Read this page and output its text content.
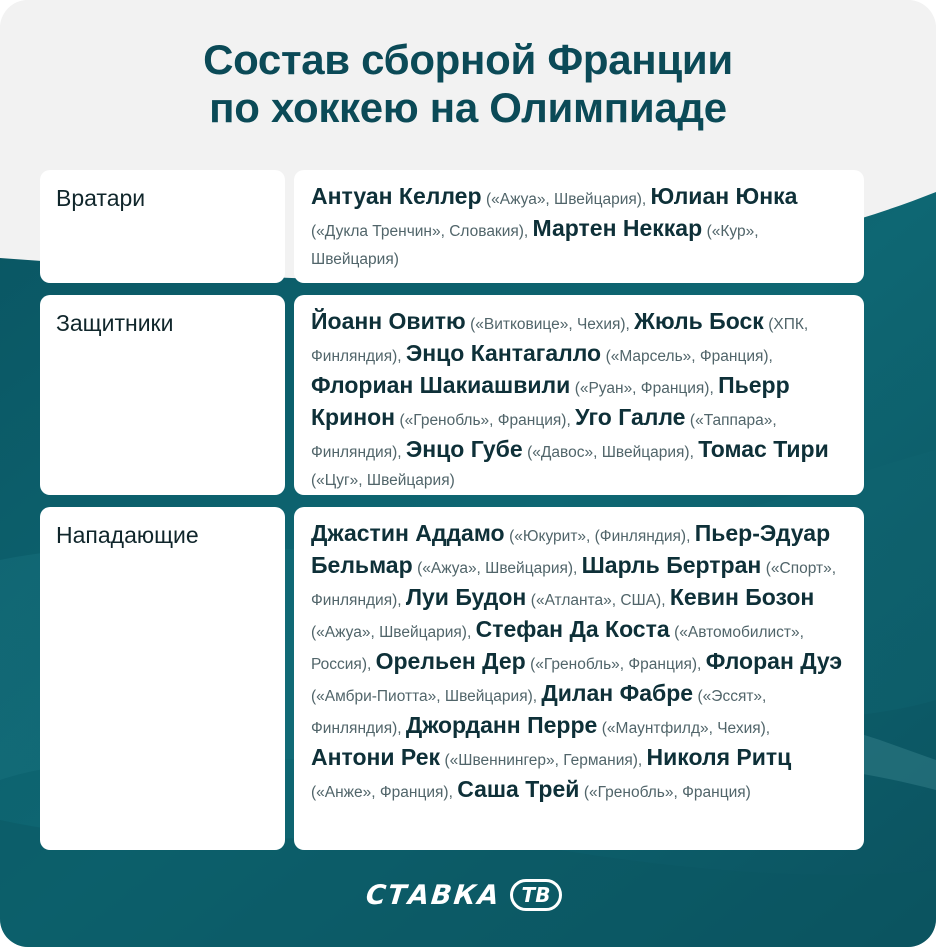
Состав сборной Франции
по хоккею на Олимпиаде
Вратари	Антуан Келлер («Ажуа», Швейцария), Юлиан Юнка («Дукла Тренчин», Словакия), Мартен Неккар («Кур», Швейцария)

Защитники	Йоанн Овитю («Витковице», Чехия), Жюль Боск (ХПК, Финляндия), Энцо Кантагалло («Марсель», Франция), Флориан Шакиашвили («Руан», Франция), Пьерр Кринон («Гренобль», Франция), Уго Галле («Таппара», Финляндия), Энцо Губе («Давос», Швейцария), Томас Тири («Цуг», Швейцария)

Нападающие	Джастин Аддамо («Юкурит», (Финляндия), Пьер-Эдуар Бельмар («Ажуа», Швейцария), Шарль Бертран («Спорт», Финляндия), Луи Будон («Атланта», США), Кевин Бозон («Ажуа», Швейцария), Стефан Да Коста («Автомобилист», Россия), Орельен Дер («Гренобль», Франция), Флоран Дуэ («Амбри-Пиотта», Швейцария), Дилан Фабре («Эссят», Финляндия), Джорданн Перре («Маунтфилд», Чехия), Антони Рек («Швеннингер», Германия), Николя Ритц («Анже», Франция), Саша Трей («Гренобль», Франция)

СТАВКА ТВ
